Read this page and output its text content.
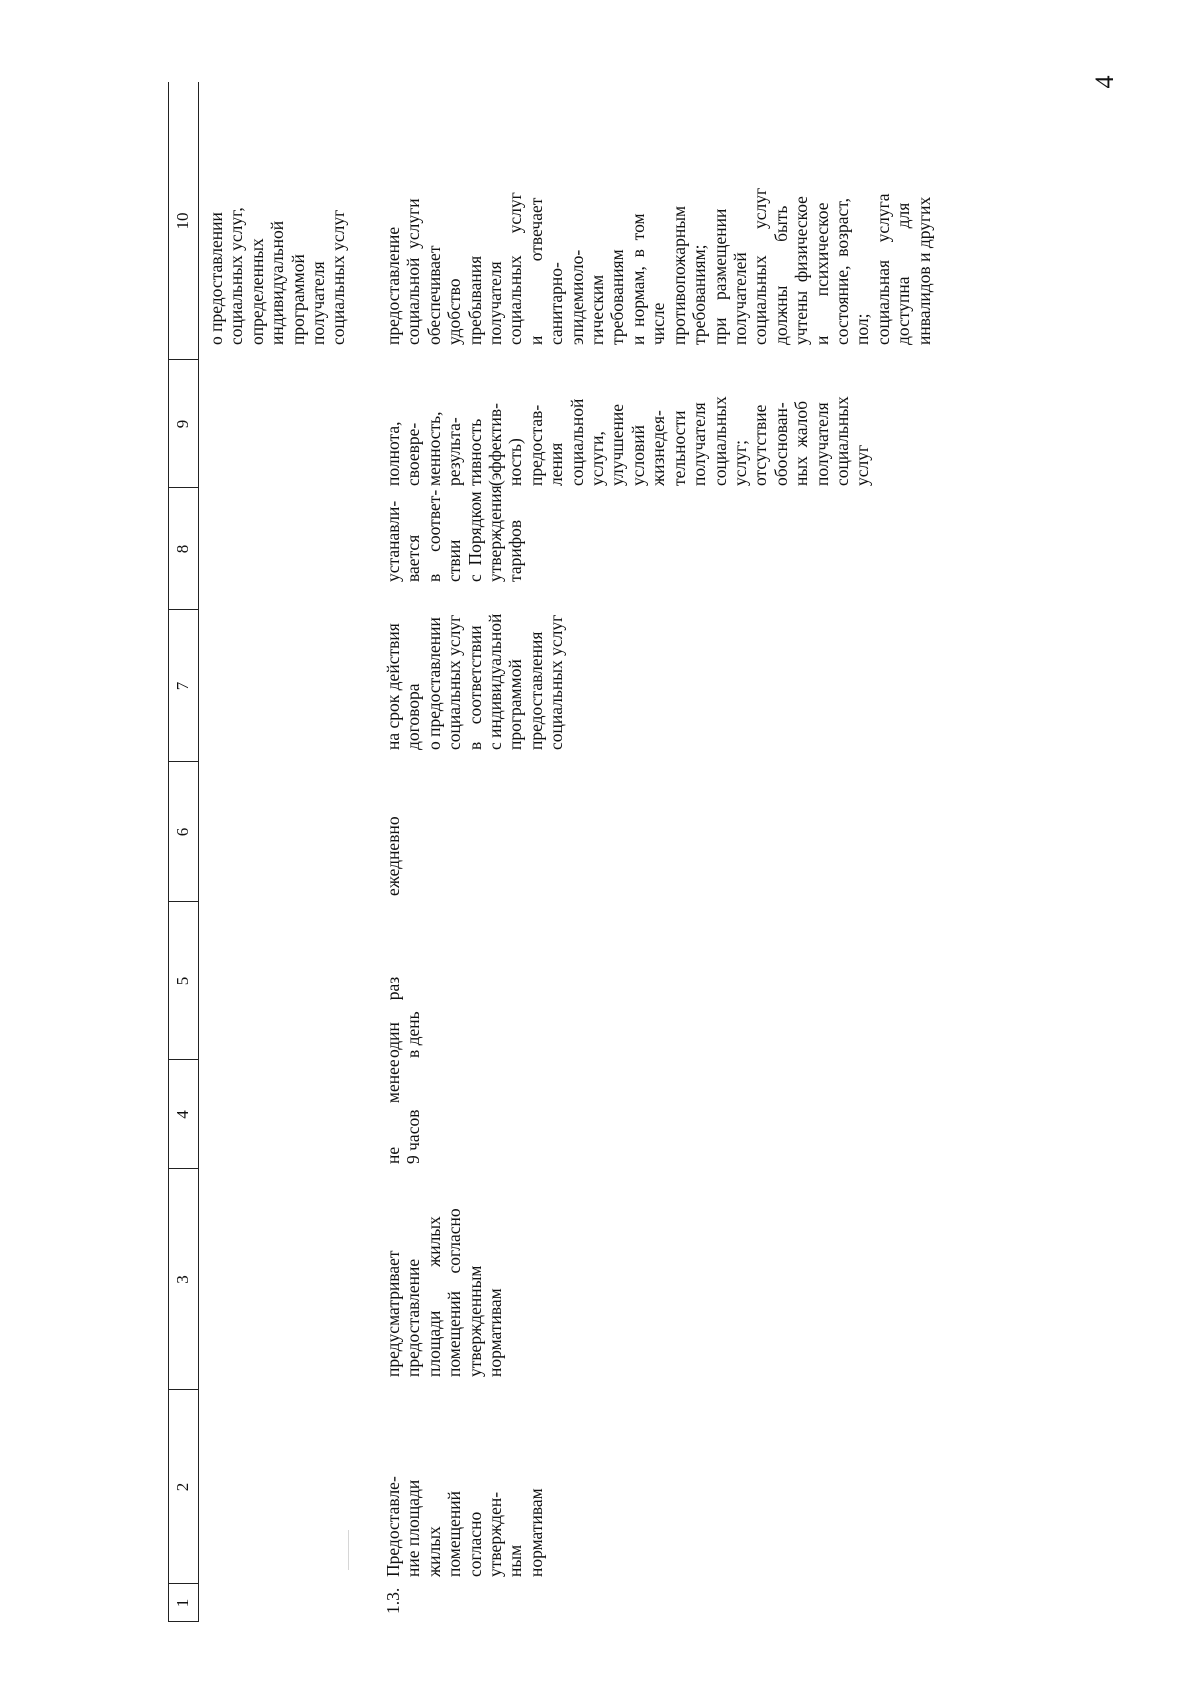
4
1
2
3
4
5
6
7
8
9
10
о предоставлении
социальных услуг,
определенных
индивидуальной
программой
получателя
социальных услуг
1.3.
Предоставле-
ние площади
жилых
помещений
согласно
утвержден-
ным
нормативам
предусматривает
предоставление
площади          жилых
помещений    согласно
утвержденным
нормативам
не          менее
9 часов
один     раз
в день
ежедневно
на срок действия
договора
о предоставлении
социальных услуг
в    соответствии
с индивидуальной
программой
предоставления
социальных услуг
устанавли-
вается
в     соответ-
ствии
с  Порядком
утверждения
тарифов
полнота,
своевре-
менность,
результа-
тивность
(эффектив-
ность)
предостав-
ления
социальной
услуги,
улучшение
условий
жизнедея-
тельности
получателя
социальных
услуг;
отсутствие
обоснован-
ных  жалоб
получателя
социальных
услуг
предоставление
социальной  услуги
обеспечивает
удобство
пребывания
получателя
социальных     услуг
и                 отвечает
санитарно-
эпидемиоло-
гическим
требованиям
и  нормам,  в  том
числе
противопожарным
требованиям;
при    размещении
получателей
социальных      услуг
должны          быть
учтены  физическое
и         психическое
состояние,  возраст,
пол;
социальная    услуга
доступна           для
инвалидов и других
